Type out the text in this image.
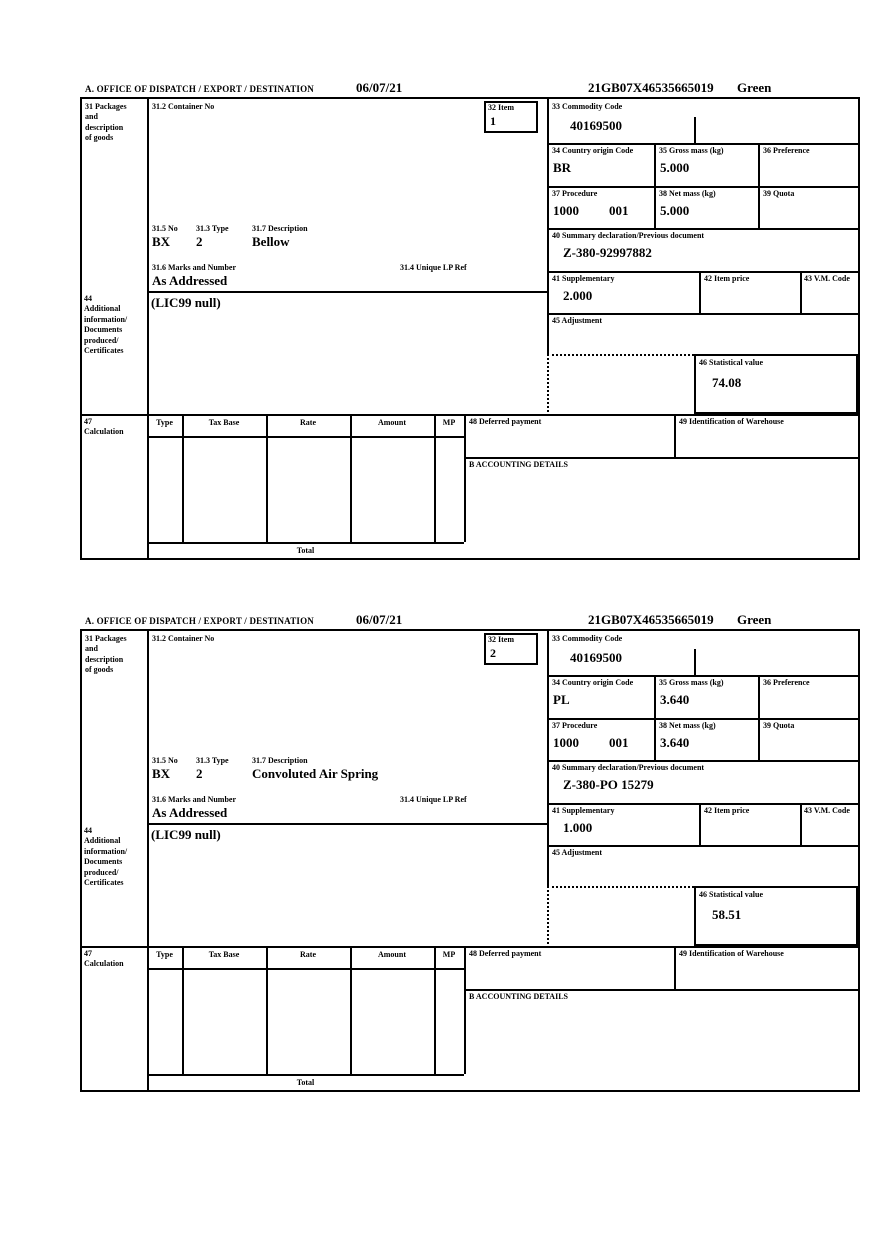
A. OFFICE OF DISPATCH / EXPORT / DESTINATION	06/07/21	21GB07X46535665019 Green
31 Packages
and
description
of goods
31.2 Container No	32 Item
1
33 Commodity Code
40169500
34 Country origin Code
BR
35 Gross mass (kg)
5.000
36 Preference
37 Procedure
1000 001
38 Net mass (kg)
5.000
39 Quota
31.5 No 31.3 Type	31.7 Description
BX 2	Bellow
31.6 Marks and Number	31.4 Unique LP Ref
As Addressed
40 Summary declaration/Previous document
Z-380-92997882
41 Supplementary
2.000
42 Item price	43 V.M. Code
45 Adjustment
44
Additional
information/
Documents
produced/
Certificates
(LIC99 null)
46 Statistical value
74.08
47
Calculation
Type	Tax Base	Rate	Amount	MP	48 Deferred payment	49 Identification of Warehouse
B ACCOUNTING DETAILS
Total
A. OFFICE OF DISPATCH / EXPORT / DESTINATION	06/07/21	21GB07X46535665019 Green
31 Packages
and
description
of goods
31.2 Container No	32 Item
2
33 Commodity Code
40169500
34 Country origin Code
PL
35 Gross mass (kg)
3.640
36 Preference
37 Procedure
1000 001
38 Net mass (kg)
3.640
39 Quota
31.5 No 31.3 Type	31.7 Description
BX 2	Convoluted Air Spring
31.6 Marks and Number	31.4 Unique LP Ref
As Addressed
40 Summary declaration/Previous document
Z-380-PO 15279
41 Supplementary
1.000
42 Item price	43 V.M. Code
45 Adjustment
44
Additional
information/
Documents
produced/
Certificates
(LIC99 null)
46 Statistical value
58.51
47
Calculation
Type	Tax Base	Rate	Amount	MP	48 Deferred payment	49 Identification of Warehouse
B ACCOUNTING DETAILS
Total
